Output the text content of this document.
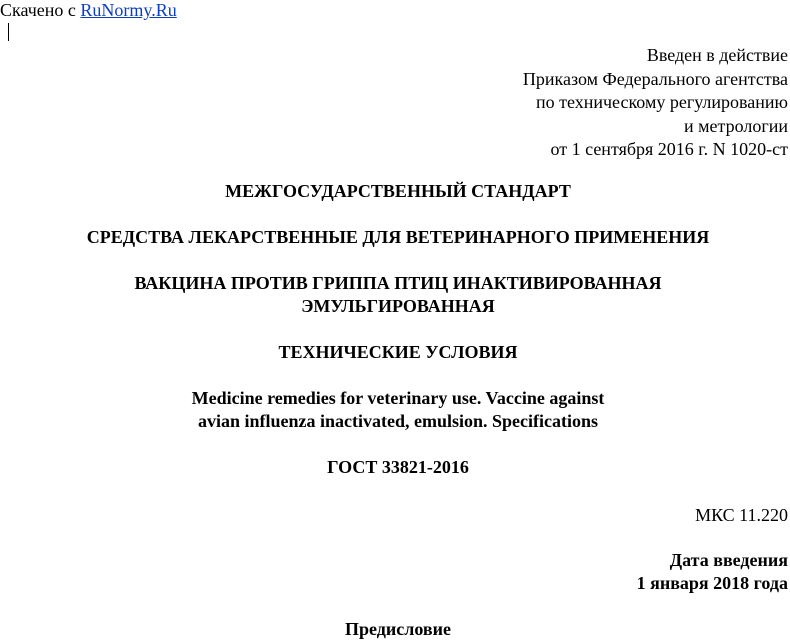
Скачено с RuNormy.Ru
Введен в действие
Приказом Федерального агентства
по техническому регулированию
и метрологии
от 1 сентября 2016 г. N 1020-ст
МЕЖГОСУДАРСТВЕННЫЙ СТАНДАРТ
СРЕДСТВА ЛЕКАРСТВЕННЫЕ ДЛЯ ВЕТЕРИНАРНОГО ПРИМЕНЕНИЯ
ВАКЦИНА ПРОТИВ ГРИППА ПТИЦ ИНАКТИВИРОВАННАЯ
ЭМУЛЬГИРОВАННАЯ
ТЕХНИЧЕСКИЕ УСЛОВИЯ
Medicine remedies for veterinary use. Vaccine against
avian influenza inactivated, emulsion. Specifications
ГОСТ 33821-2016
МКС 11.220
Дата введения
1 января 2018 года
Предисловие
